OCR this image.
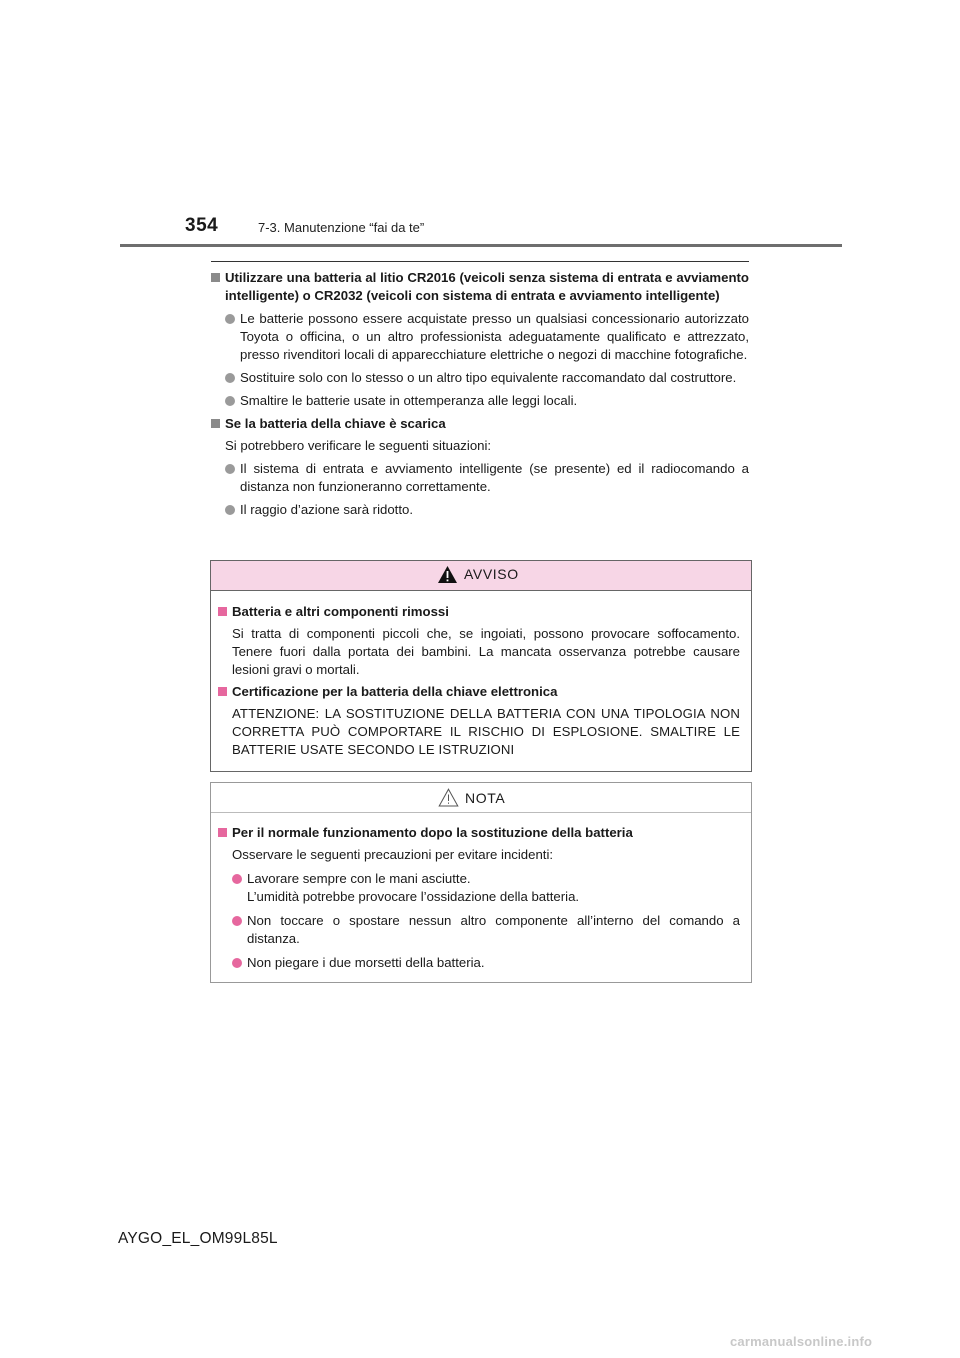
354	7-3. Manutenzione “fai da te”
Utilizzare una batteria al litio CR2016 (veicoli senza sistema di entrata e avviamento intelligente) o CR2032 (veicoli con sistema di entrata e avviamento intelligente)
Le batterie possono essere acquistate presso un qualsiasi concessionario autorizzato Toyota o officina, o un altro professionista adeguatamente qualificato e attrezzato, presso rivenditori locali di apparecchiature elettriche o negozi di macchine fotografiche.
Sostituire solo con lo stesso o un altro tipo equivalente raccomandato dal costruttore.
Smaltire le batterie usate in ottemperanza alle leggi locali.
Se la batteria della chiave è scarica
Si potrebbero verificare le seguenti situazioni:
Il sistema di entrata e avviamento intelligente (se presente) ed il radiocomando a distanza non funzioneranno correttamente.
Il raggio d’azione sarà ridotto.
AVVISO
Batteria e altri componenti rimossi
Si tratta di componenti piccoli che, se ingoiati, possono provocare soffocamento. Tenere fuori dalla portata dei bambini. La mancata osservanza potrebbe causare lesioni gravi o mortali.
Certificazione per la batteria della chiave elettronica
ATTENZIONE: LA SOSTITUZIONE DELLA BATTERIA CON UNA TIPOLOGIA NON CORRETTA PUÒ COMPORTARE IL RISCHIO DI ESPLOSIONE. SMALTIRE LE BATTERIE USATE SECONDO LE ISTRUZIONI
NOTA
Per il normale funzionamento dopo la sostituzione della batteria
Osservare le seguenti precauzioni per evitare incidenti:
Lavorare sempre con le mani asciutte.
L’umidità potrebbe provocare l’ossidazione della batteria.
Non toccare o spostare nessun altro componente all’interno del comando a distanza.
Non piegare i due morsetti della batteria.
AYGO_EL_OM99L85L
carmanualsonline.info
